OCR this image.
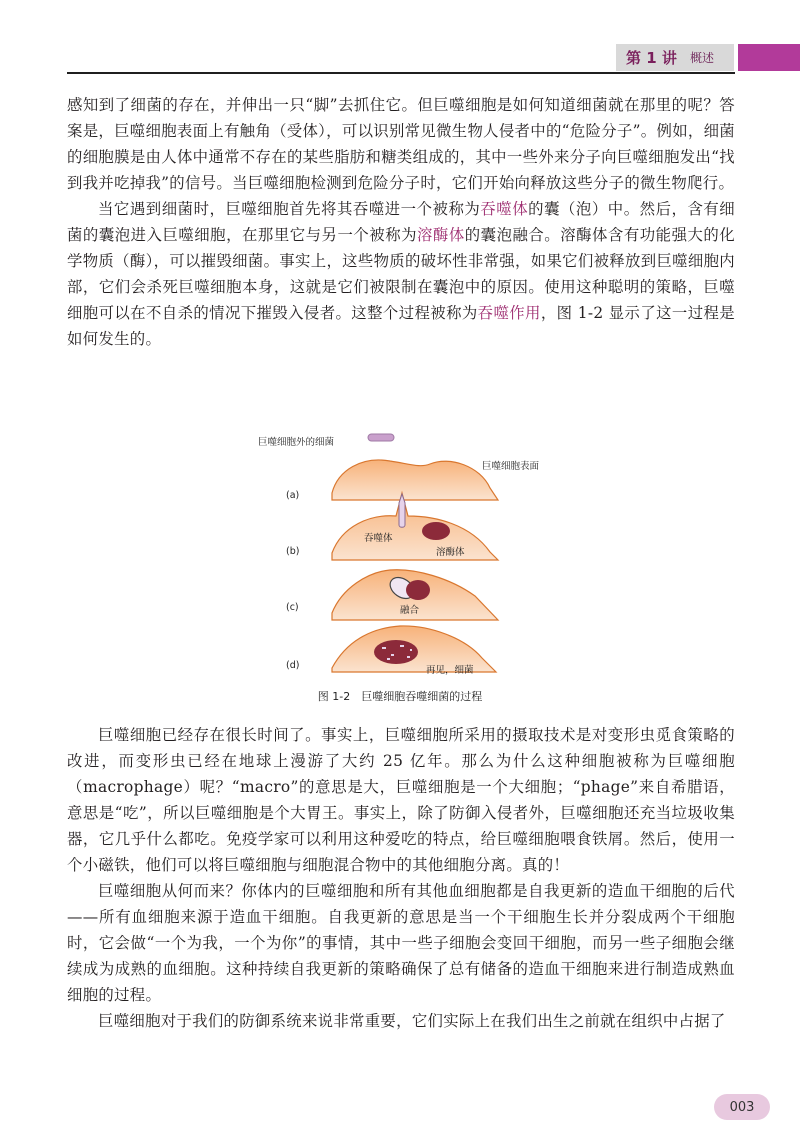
第 1 讲	概述

感知到了细菌的存在，并伸出一只“脚”去抓住它。但巨噬细胞是如何知道细菌就在那里的呢？答案是，巨噬细胞表面上有触角（受体），可以识别常见微生物人侵者中的“危险分子”。例如，细菌的细胞膜是由人体中通常不存在的某些脂肪和糖类组成的，其中一些外来分子向巨噬细胞发出“找到我并吃掉我”的信号。当巨噬细胞检测到危险分子时，它们开始向释放这些分子的微生物爬行。

当它遇到细菌时，巨噬细胞首先将其吞噬进一个被称为吞噬体的囊（泡）中。然后，含有细菌的囊泡进入巨噬细胞，在那里它与另一个被称为溶酶体的囊泡融合。溶酶体含有功能强大的化学物质（酶），可以摧毁细菌。事实上，这些物质的破坏性非常强，如果它们被释放到巨噬细胞内部，它们会杀死巨噬细胞本身，这就是它们被限制在囊泡中的原因。使用这种聪明的策略，巨噬细胞可以在不自杀的情况下摧毁入侵者。这整个过程被称为吞噬作用，图 1-2 显示了这一过程是如何发生的。

巨噬细胞外的细菌
巨噬细胞表面
(a)
(b)
(c)
(d)
吞噬体
溶酶体
融合
再见，细菌
图 1-2　巨噬细胞吞噬细菌的过程

巨噬细胞已经存在很长时间了。事实上，巨噬细胞所采用的摄取技术是对变形虫觅食策略的改进，而变形虫已经在地球上漫游了大约 25 亿年。那么为什么这种细胞被称为巨噬细胞（macrophage）呢？“macro”的意思是大，巨噬细胞是一个大细胞；“phage”来自希腊语，意思是“吃”，所以巨噬细胞是个大胃王。事实上，除了防御入侵者外，巨噬细胞还充当垃圾收集器，它几乎什么都吃。免疫学家可以利用这种爱吃的特点，给巨噬细胞喂食铁屑。然后，使用一个小磁铁，他们可以将巨噬细胞与细胞混合物中的其他细胞分离。真的！

巨噬细胞从何而来？你体内的巨噬细胞和所有其他血细胞都是自我更新的造血干细胞的后代——所有血细胞来源于造血干细胞。自我更新的意思是当一个干细胞生长并分裂成两个干细胞时，它会做“一个为我，一个为你”的事情，其中一些子细胞会变回干细胞，而另一些子细胞会继续成为成熟的血细胞。这种持续自我更新的策略确保了总有储备的造血干细胞来进行制造成熟血细胞的过程。

巨噬细胞对于我们的防御系统来说非常重要，它们实际上在我们出生之前就在组织中占据了

003
